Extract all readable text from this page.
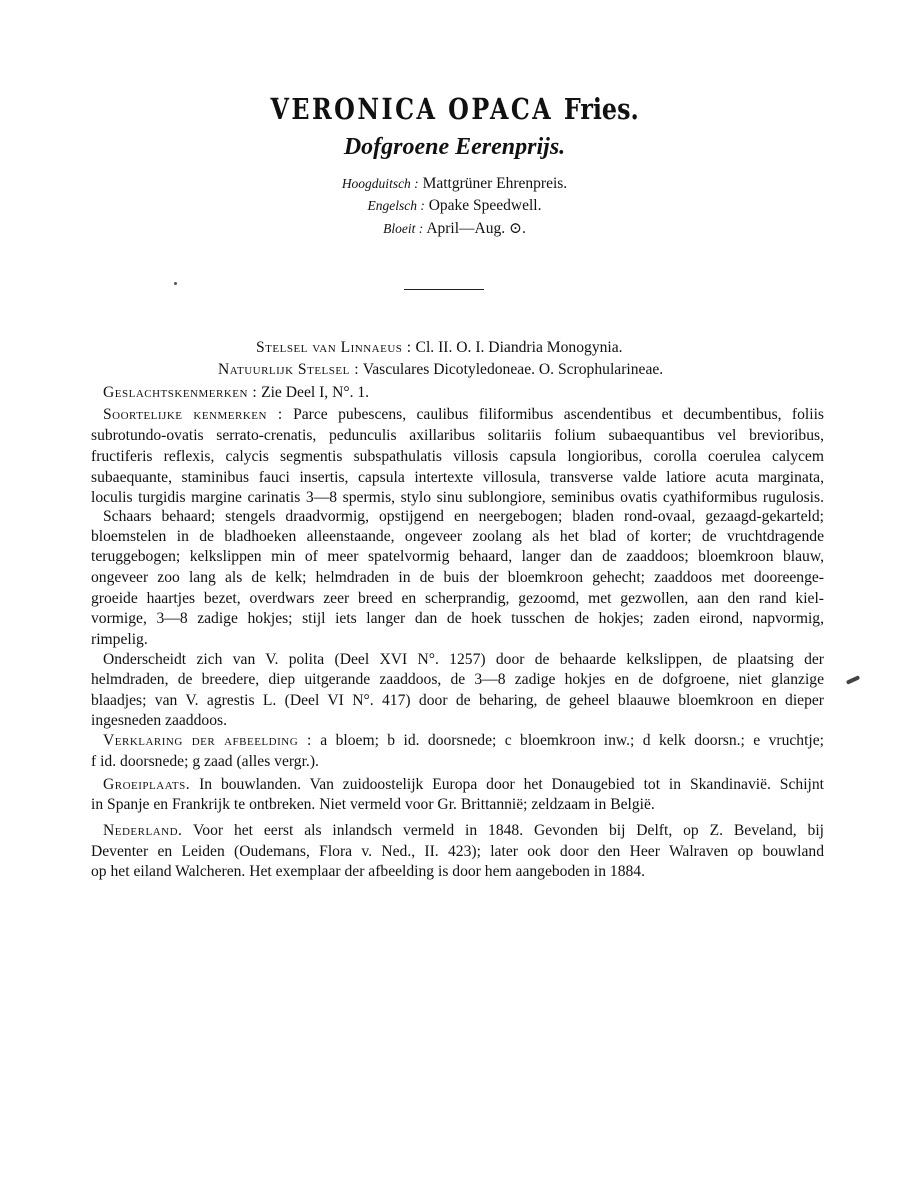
VERONICA OPACA Fries.
Dofgroene Eerenprijs.
Hoogduitsch : Mattgrüner Ehrenpreis.
Engelsch : Opake Speedwell.
Bloeit : April—Aug. ⊙.
Stelsel van Linnaeus : Cl. II. O. I. Diandria Monogynia.
Natuurlijk Stelsel : Vasculares Dicotyledoneae. O. Scrophularineae.
Geslachtskenmerken : Zie Deel I, N°. 1.
Soortelijke kenmerken : Parce pubescens, caulibus filiformibus ascendentibus et decumbentibus, foliis
subrotundo-ovatis serrato-crenatis, pedunculis axillaribus solitariis folium subaequantibus vel brevioribus,
fructiferis reflexis, calycis segmentis subspathulatis villosis capsula longioribus, corolla coerulea calycem
subaequante, staminibus fauci insertis, capsula intertexte villosula, transverse valde latiore acuta marginata,
loculis turgidis margine carinatis 3—8 spermis, stylo sinu sublongiore, seminibus ovatis cyathiformibus rugulosis.
Schaars behaard; stengels draadvormig, opstijgend en neergebogen; bladen rond-ovaal, gezaagd-gekarteld;
bloemstelen in de bladhoeken alleenstaande, ongeveer zoolang als het blad of korter; de vruchtdragende
teruggebogen; kelkslippen min of meer spatelvormig behaard, langer dan de zaaddoos; bloemkroon blauw,
ongeveer zoo lang als de kelk; helmdraden in de buis der bloemkroon gehecht; zaaddoos met dooreenge-
groeide haartjes bezet, overdwars zeer breed en scherprandig, gezoomd, met gezwollen, aan den rand kiel-
vormige, 3—8 zadige hokjes; stijl iets langer dan de hoek tusschen de hokjes; zaden eirond, napvormig,
rimpelig.
Onderscheidt zich van V. polita (Deel XVI N°. 1257) door de behaarde kelkslippen, de plaatsing der
helmdraden, de breedere, diep uitgerande zaaddoos, de 3—8 zadige hokjes en de dofgroene, niet glanzige
blaadjes; van V. agrestis L. (Deel VI N°. 417) door de beharing, de geheel blaauwe bloemkroon en dieper
ingesneden zaaddoos.
Verklaring der afbeelding : a bloem; b id. doorsnede; c bloemkroon inw.; d kelk doorsn.; e vruchtje;
f id. doorsnede; g zaad (alles vergr.).
Groeiplaats. In bouwlanden. Van zuidoostelijk Europa door het Donaugebied tot in Skandinavië. Schijnt
in Spanje en Frankrijk te ontbreken. Niet vermeld voor Gr. Brittannië; zeldzaam in België.
Nederland. Voor het eerst als inlandsch vermeld in 1848. Gevonden bij Delft, op Z. Beveland, bij
Deventer en Leiden (Oudemans, Flora v. Ned., II. 423); later ook door den Heer Walraven op bouwland
op het eiland Walcheren. Het exemplaar der afbeelding is door hem aangeboden in 1884.
